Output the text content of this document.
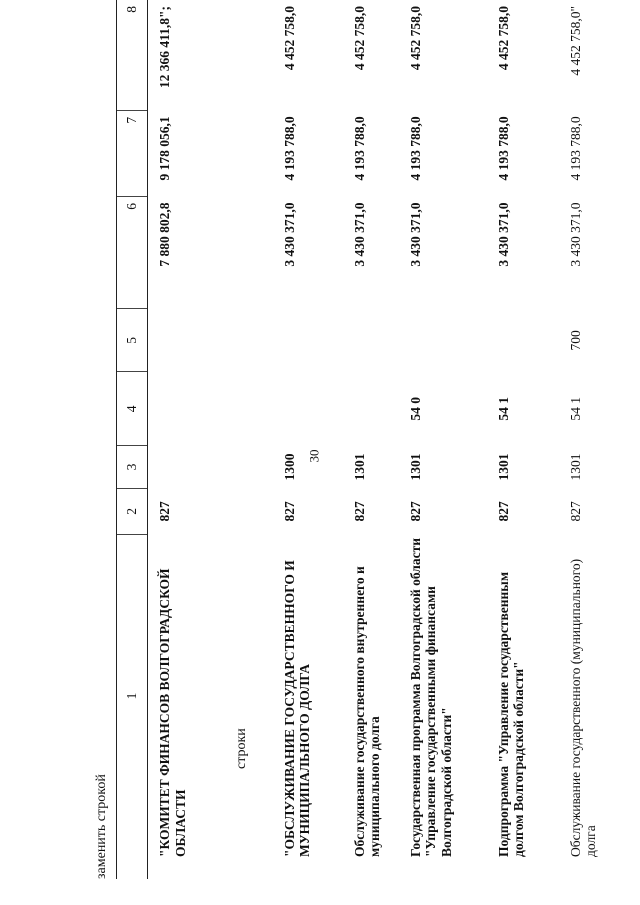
30
заменить строкой
1	2	3	4	5	6	7	8
"КОМИТЕТ ФИНАНСОВ ВОЛГОГРАДСКОЙ ОБЛАСТИ	827				7 880 802,8	9 178 056,1	12 366 411,8";
строки							
"ОБСЛУЖИВАНИЕ ГОСУДАРСТВЕННОГО И МУНИЦИПАЛЬНОГО ДОЛГА	827	1300			3 430 371,0	4 193 788,0	4 452 758,0
Обслуживание государственного внутреннего и муниципального долга	827	1301			3 430 371,0	4 193 788,0	4 452 758,0
Государственная программа Волгоградской области "Управление государственными финансами Волгоградской области"	827	1301	54 0		3 430 371,0	4 193 788,0	4 452 758,0
Подпрограмма "Управление государственным долгом Волгоградской области"	827	1301	54 1		3 430 371,0	4 193 788,0	4 452 758,0
Обслуживание государственного (муниципального) долга	827	1301	54 1	700	3 430 371,0	4 193 788,0	4 452 758,0"
